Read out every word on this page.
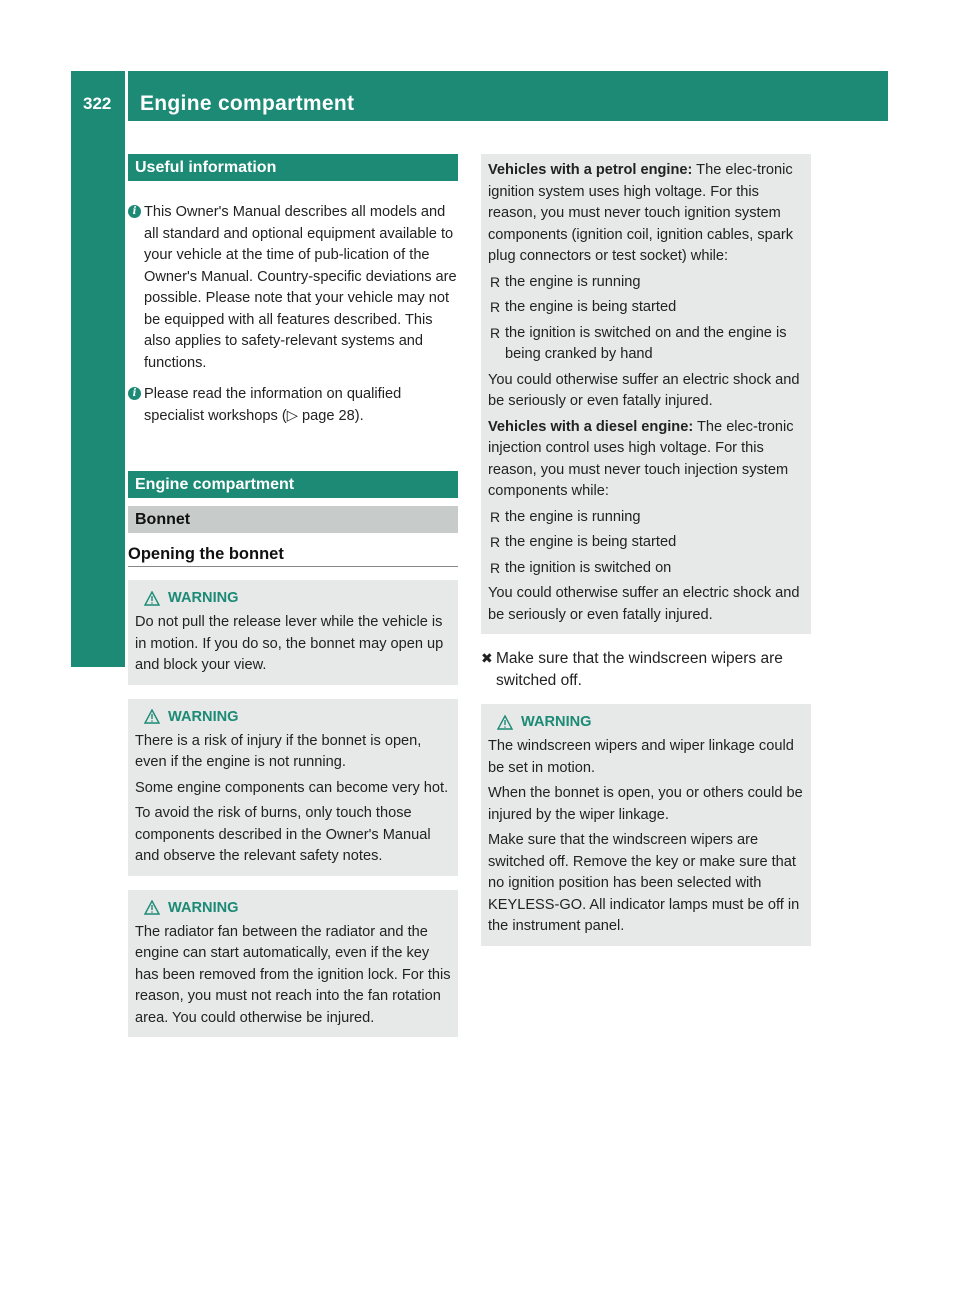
322 Engine compartment
Maintenance and care
Useful information
i This Owner's Manual describes all models and all standard and optional equipment available to your vehicle at the time of pub-lication of the Owner's Manual. Country-specific deviations are possible. Please note that your vehicle may not be equipped with all features described. This also applies to safety-relevant systems and functions.
i Please read the information on qualified specialist workshops (▷ page 28).
Engine compartment
Bonnet
Opening the bonnet
WARNING
Do not pull the release lever while the vehicle is in motion. If you do so, the bonnet may open up and block your view.
WARNING
There is a risk of injury if the bonnet is open, even if the engine is not running.
Some engine components can become very hot.
To avoid the risk of burns, only touch those components described in the Owner's Manual and observe the relevant safety notes.
WARNING
The radiator fan between the radiator and the engine can start automatically, even if the key has been removed from the ignition lock. For this reason, you must not reach into the fan rotation area. You could otherwise be injured.
Vehicles with a petrol engine: The elec-tronic ignition system uses high voltage. For this reason, you must never touch ignition system components (ignition coil, ignition cables, spark plug connectors or test socket) while:
R the engine is running
R the engine is being started
R the ignition is switched on and the engine is being cranked by hand
You could otherwise suffer an electric shock and be seriously or even fatally injured.
Vehicles with a diesel engine: The elec-tronic injection control uses high voltage. For this reason, you must never touch injection system components while:
R the engine is running
R the engine is being started
R the ignition is switched on
You could otherwise suffer an electric shock and be seriously or even fatally injured.
✖ Make sure that the windscreen wipers are switched off.
WARNING
The windscreen wipers and wiper linkage could be set in motion.
When the bonnet is open, you or others could be injured by the wiper linkage.
Make sure that the windscreen wipers are switched off. Remove the key or make sure that no ignition position has been selected with KEYLESS-GO. All indicator lamps must be off in the instrument panel.
